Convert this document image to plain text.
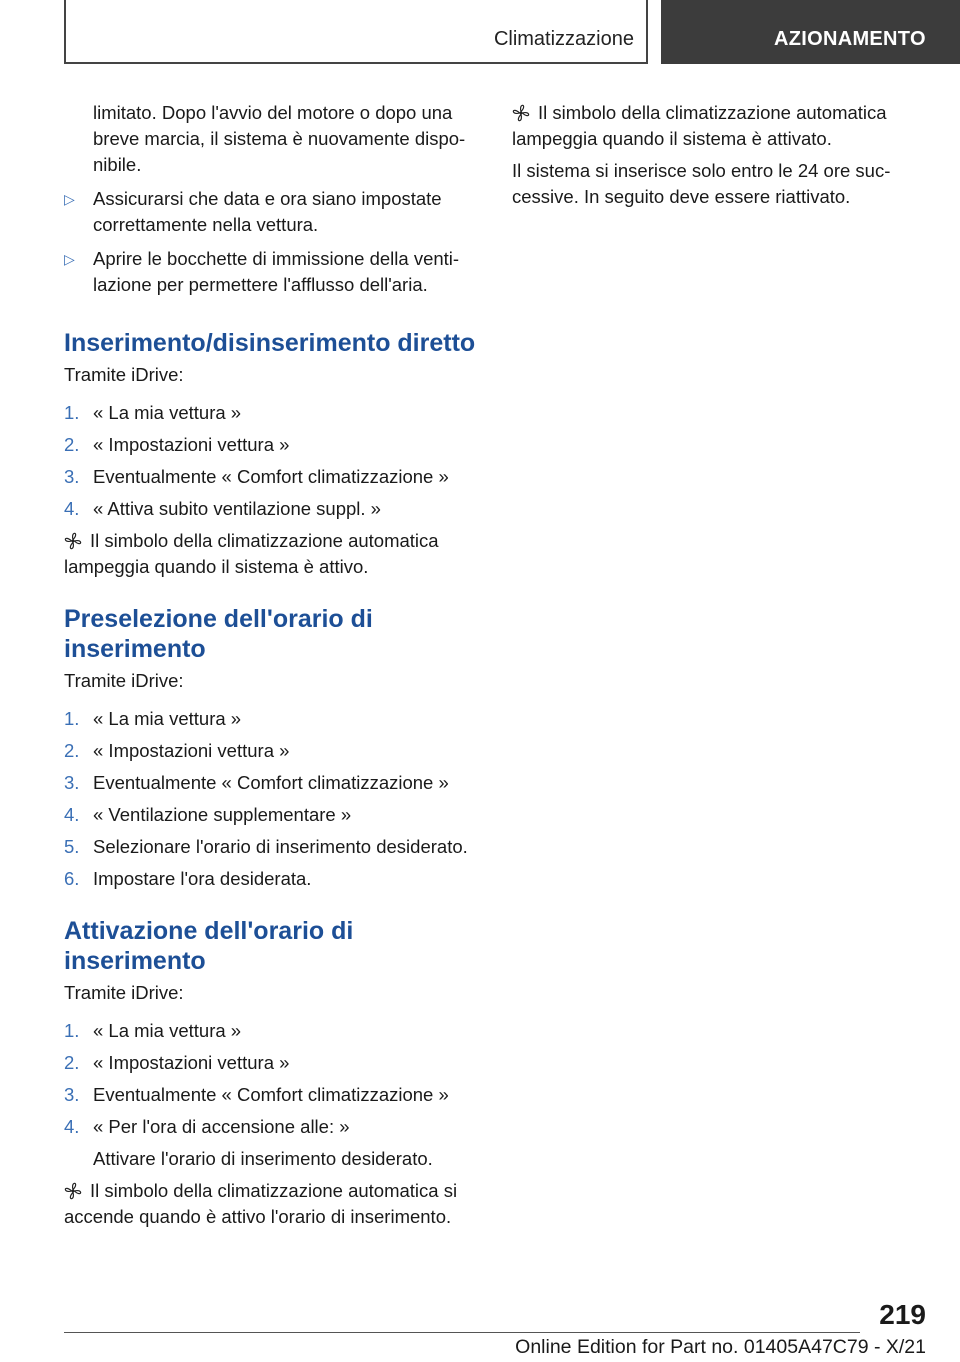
Climatizzazione	AZIONAMENTO

limitato. Dopo l'avvio del motore o dopo una breve marcia, il sistema è nuovamente dispo‐ nibile.

▷ Assicurarsi che data e ora siano impostate correttamente nella vettura.
▷ Aprire le bocchette di immissione della venti‐ lazione per permettere l'afflusso dell'aria.
Inserimento/disinserimento diretto

Tramite iDrive:

1. « La mia vettura »
2. « Impostazioni vettura »
3. Eventualmente « Comfort climatizzazione »
4. « Attiva subito ventilazione suppl. »

Il simbolo della climatizzazione automatica lampeggia quando il sistema è attivo.

Preselezione dell'orario di inserimento

Tramite iDrive:

1. « La mia vettura »
2. « Impostazioni vettura »
3. Eventualmente « Comfort climatizzazione »
4. « Ventilazione supplementare »
5. Selezionare l'orario di inserimento desiderato.
6. Impostare l'ora desiderata.
Attivazione dell'orario di inserimento

Tramite iDrive:

1. « La mia vettura »
2. « Impostazioni vettura »
3. Eventualmente « Comfort climatizzazione »
4. « Per l'ora di accensione alle: »
Attivare l'orario di inserimento desiderato.

Il simbolo della climatizzazione automatica si accende quando è attivo l'orario di inserimento.

Il simbolo della climatizzazione automatica lampeggia quando il sistema è attivato.

Il sistema si inserisce solo entro le 24 ore suc‐ cessive. In seguito deve essere riattivato.

219
Online Edition for Part no. 01405A47C79 - X/21
